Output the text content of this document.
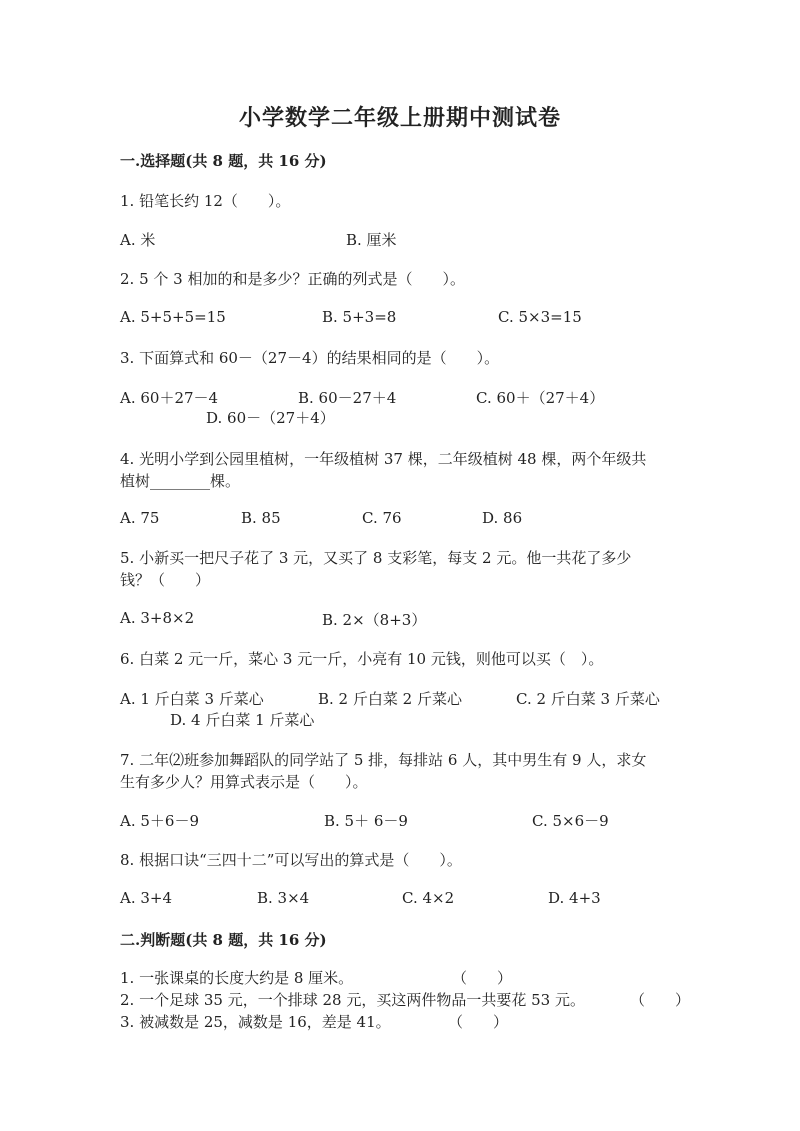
小学数学二年级上册期中测试卷
一.选择题(共 8 题，共 16 分)
1. 铅笔长约 12（　　）。
A. 米	B. 厘米
2. 5 个 3 相加的和是多少？正确的列式是（　　）。
A. 5+5+5=15	B. 5+3=8	C. 5×3=15
3. 下面算式和 60－（27－4）的结果相同的是（　　）。
A. 60＋27－4	B. 60－27＋4	C. 60＋（27＋4）
D. 60－（27＋4）
4. 光明小学到公园里植树，一年级植树 37 棵，二年级植树 48 棵，两个年级共
植树________棵。
A. 75	B. 85	C. 76	D. 86
5. 小新买一把尺子花了 3 元，又买了 8 支彩笔，每支 2 元。他一共花了多少
钱？（　　）
A. 3+8×2	B. 2×（8+3）
6. 白菜 2 元一斤，菜心 3 元一斤，小亮有 10 元钱，则他可以买（　）。
A. 1 斤白菜 3 斤菜心	B. 2 斤白菜 2 斤菜心	C. 2 斤白菜 3 斤菜心
D. 4 斤白菜 1 斤菜心
7. 二年⑵班参加舞蹈队的同学站了 5 排，每排站 6 人，其中男生有 9 人，求女
生有多少人？用算式表示是（　　）。
A. 5＋6－9	B. 5＋ 6－9	C. 5×6－9
8. 根据口诀“三四十二”可以写出的算式是（　　）。
A. 3+4	B. 3×4	C. 4×2	D. 4+3
二.判断题(共 8 题，共 16 分)
1. 一张课桌的长度大约是 8 厘米。	（　　）
2. 一个足球 35 元，一个排球 28 元，买这两件物品一共要花 53 元。	（　　）
3. 被减数是 25，减数是 16，差是 41。	（　　）
